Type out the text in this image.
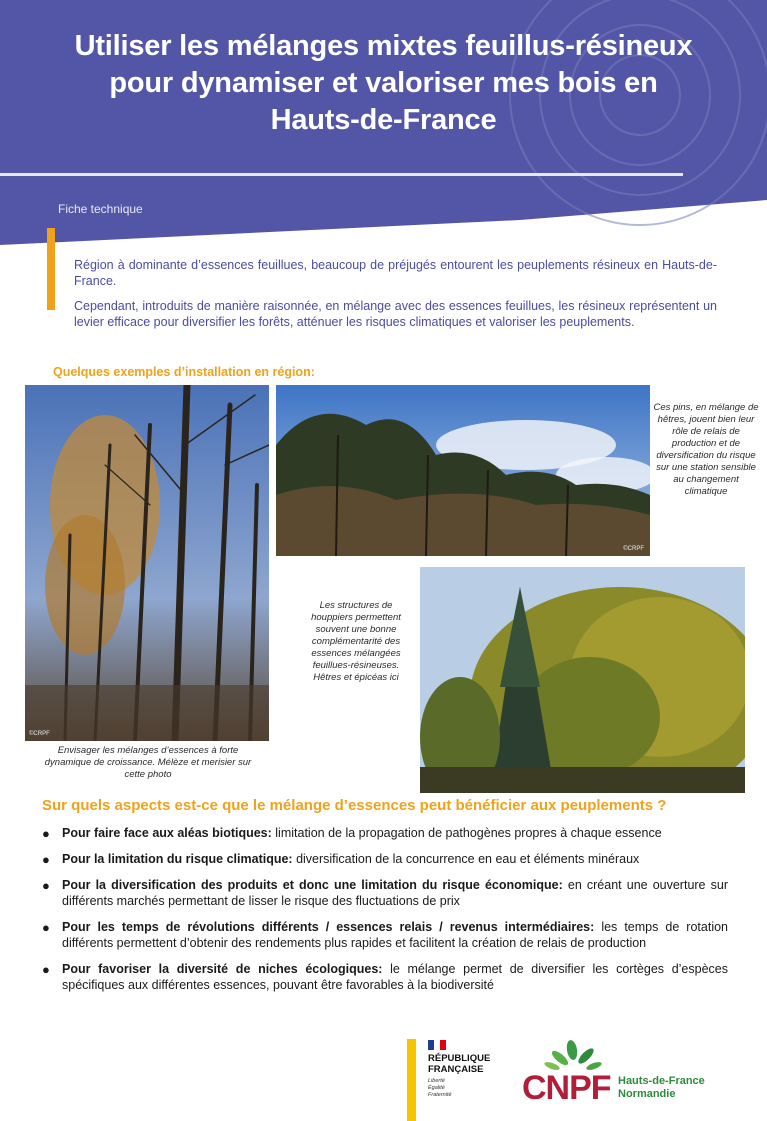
Utiliser les mélanges mixtes feuillus-résineux
pour dynamiser et valoriser mes bois en
Hauts-de-France
Fiche technique

Région à dominante d’essences feuillues, beaucoup de préjugés entourent les peuplements résineux en Hauts-de-France.

Cependant, introduits de manière raisonnée, en mélange avec des essences feuillues, les résineux représentent un levier efficace pour diversifier les forêts, atténuer les risques climatiques et valoriser les peuplements.

Quelques exemples d’installation en région:
©CRPF
©CRPF
Envisager les mélanges d’essences à forte dynamique de croissance. Mélèze et merisier sur cette photo
Ces pins, en mélange de hêtres, jouent bien leur rôle de relais de production et de diversification du risque sur une station sensible au changement climatique
Les structures de houppiers permettent souvent une bonne complémentarité des essences mélangées feuillues-résineuses. Hêtres et épicéas ici
Sur quels aspects est-ce que le mélange d’essences peut bénéficier aux peuplements ?
● Pour faire face aux aléas biotiques: limitation de la propagation de pathogènes propres à chaque essence
● Pour la limitation du risque climatique: diversification de la concurrence en eau et éléments minéraux
● Pour la diversification des produits et donc une limitation du risque économique: en créant une ouverture sur différents marchés permettant de lisser le risque des fluctuations de prix
● Pour les temps de révolutions différents / essences relais / revenus intermédiaires: les temps de rotation différents permettent d’obtenir des rendements plus rapides et facilitent la création de relais de production
● Pour favoriser la diversité de niches écologiques: le mélange permet de diversifier les cortèges d’espèces spécifiques aux différentes essences, pouvant être favorables à la biodiversité
RÉPUBLIQUE
FRANÇAISE
Liberté
Égalité
Fraternité	CNPF Hauts-de-France
Normandie
